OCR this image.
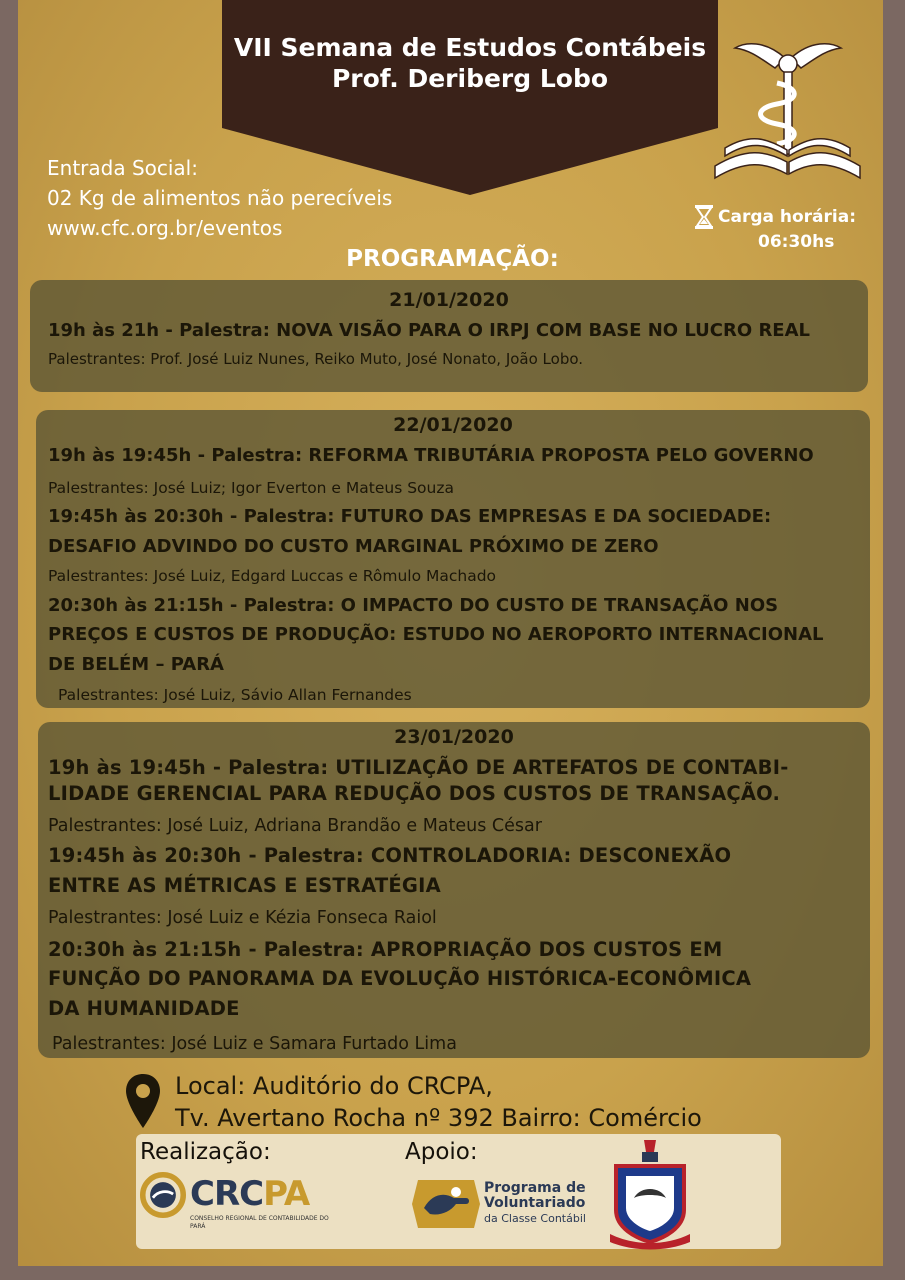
VII Semana de Estudos Contábeis
Prof. Deriberg Lobo
Entrada Social:
02 Kg de alimentos não perecíveis
www.cfc.org.br/eventos	Carga horária:
06:30hs
PROGRAMAÇÃO:
21/01/2020
19h às 21h - Palestra: NOVA VISÃO PARA O IRPJ COM BASE NO LUCRO REAL
Palestrantes: Prof. José Luiz Nunes, Reiko Muto, José Nonato, João Lobo.
22/01/2020
19h às 19:45h - Palestra: REFORMA TRIBUTÁRIA PROPOSTA PELO GOVERNO
Palestrantes: José Luiz; Igor Everton e Mateus Souza
19:45h às 20:30h - Palestra: FUTURO DAS EMPRESAS E DA SOCIEDADE:
DESAFIO ADVINDO DO CUSTO MARGINAL PRÓXIMO DE ZERO
Palestrantes: José Luiz, Edgard Luccas e Rômulo Machado
20:30h às 21:15h - Palestra: O IMPACTO DO CUSTO DE TRANSAÇÃO NOS
PREÇOS E CUSTOS DE PRODUÇÃO: ESTUDO NO AEROPORTO INTERNACIONAL
DE BELÉM – PARÁ
Palestrantes: José Luiz, Sávio Allan Fernandes
23/01/2020
19h às 19:45h - Palestra: UTILIZAÇÃO DE ARTEFATOS DE CONTABI-
LIDADE GERENCIAL PARA REDUÇÃO DOS CUSTOS DE TRANSAÇÃO.
Palestrantes: José Luiz, Adriana Brandão e Mateus César
19:45h às 20:30h - Palestra: CONTROLADORIA: DESCONEXÃO
ENTRE AS MÉTRICAS E ESTRATÉGIA
Palestrantes: José Luiz e Kézia Fonseca Raiol
20:30h às 21:15h - Palestra: APROPRIAÇÃO DOS CUSTOS EM
FUNÇÃO DO PANORAMA DA EVOLUÇÃO HISTÓRICA-ECONÔMICA
DA HUMANIDADE
Palestrantes: José Luiz e Samara Furtado Lima
Local: Auditório do CRCPA,
Tv. Avertano Rocha nº 392 Bairro: Comércio
Realização:	Apoio:
CRCPA
CONSELHO REGIONAL DE CONTABILIDADE DO PARÁ
Programa de
Voluntariado
da Classe Contábil
